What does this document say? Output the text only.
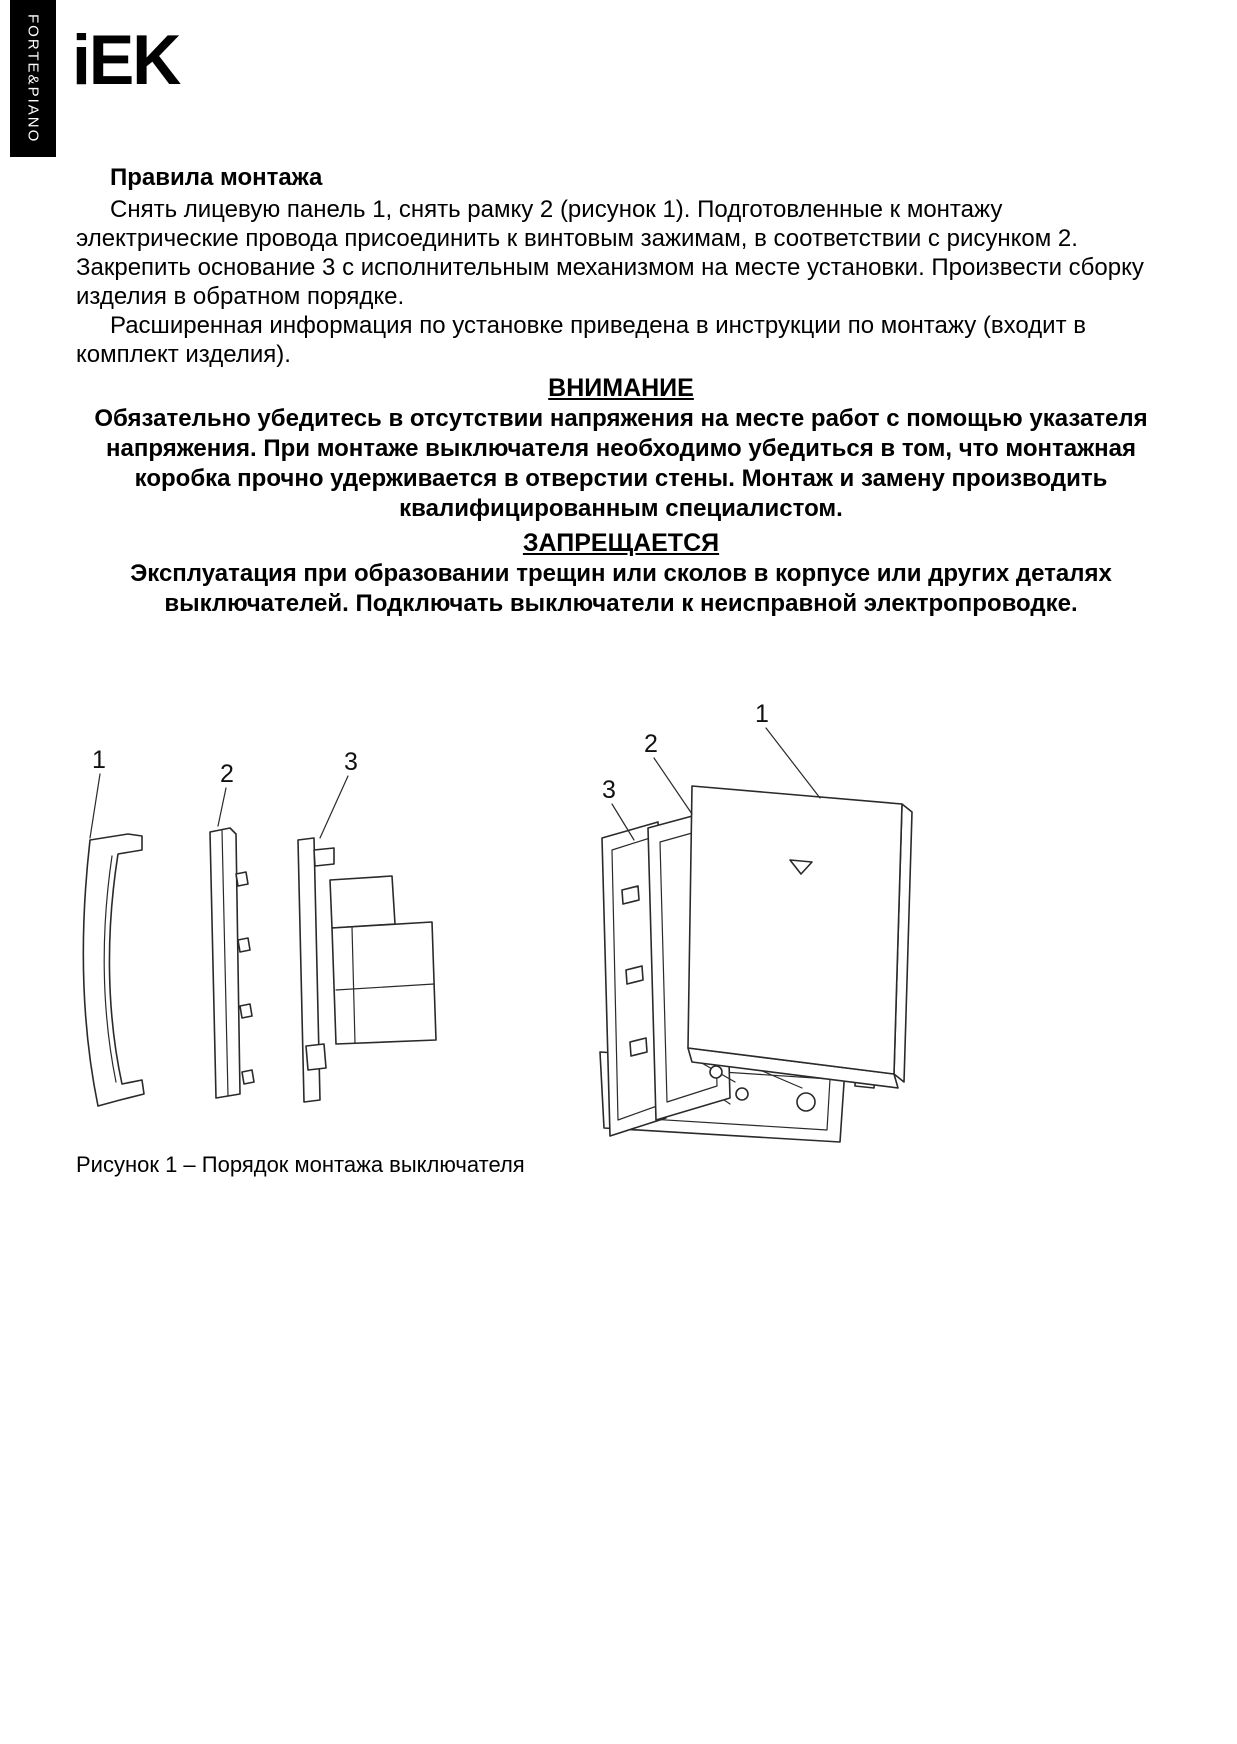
FORTE&PIANO iEK
Правила монтажа

Снять лицевую панель 1, снять рамку 2 (рисунок 1). Подготовленные к монтажу электрические провода присоединить к винтовым зажимам, в соответствии с рисунком 2. Закрепить основание 3 с исполнительным механизмом на месте установки. Произвести сборку изделия в обратном порядке.

Расширенная информация по установке приведена в инструкции по монтажу (входит в комплект изделия).

ВНИМАНИЕ
Обязательно убедитесь в отсутствии напряжения на месте работ с помощью указателя напряжения. При монтаже выключателя необходимо убедиться в том, что монтажная коробка прочно удерживается в отверстии стены. Монтаж и замену производить квалифицированным специалистом.
ЗАПРЕЩАЕТСЯ
Эксплуатация при образовании трещин или сколов в корпусе или других деталях выключателей. Подключать выключатели к неисправной электропроводке.
1	2	3
1
2
3
Рисунок 1 – Порядок монтажа выключателя
